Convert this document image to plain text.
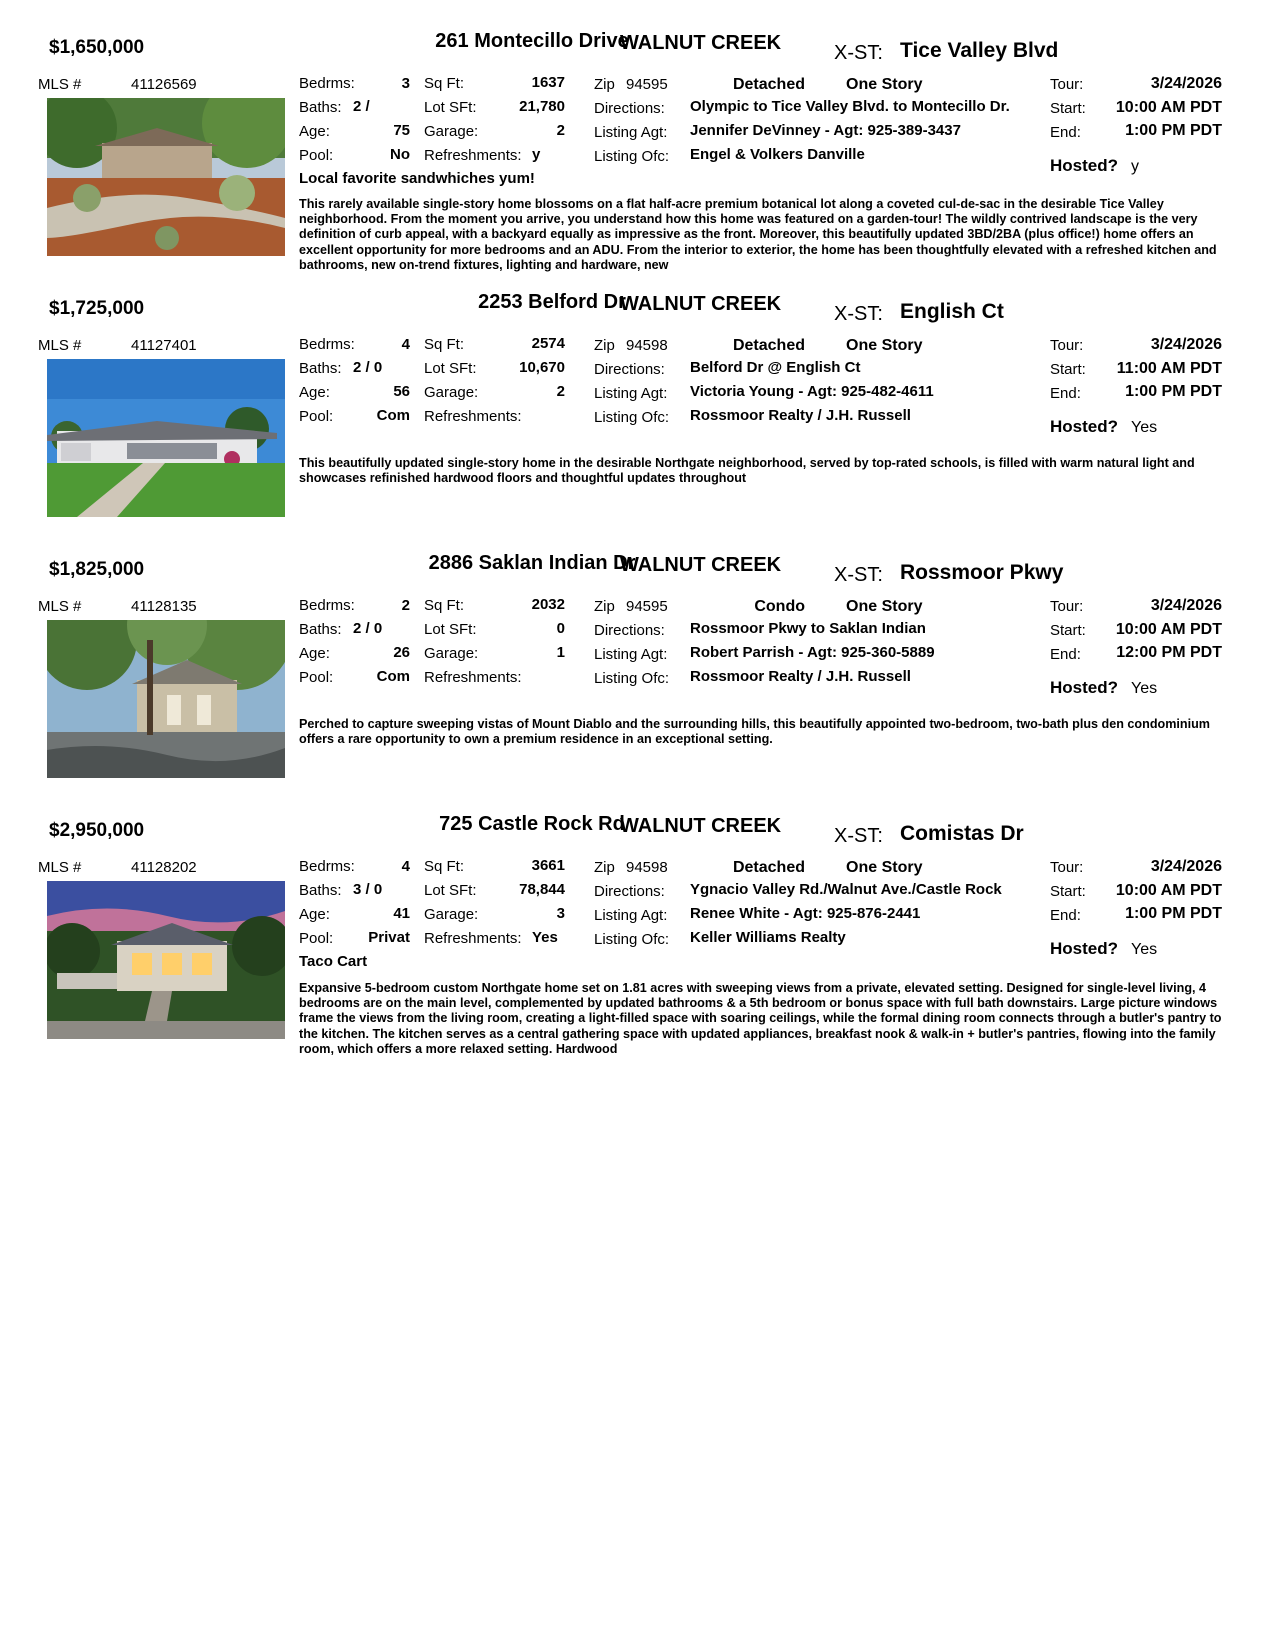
$1,650,000	261 Montecillo Drive
WALNUT CREEK	X-ST: Tice Valley Blvd
MLS #	41126569	Bedrms:	3
Baths: 2 /
Age:	75
Pool:	No
Sq Ft:	1637
Lot SFt:	21,780
Garage:	2
Refreshments: y
Zip 94595	Detached	One Story
Directions: Olympic to Tice Valley Blvd. to Montecillo Dr.
Listing Agt: Jennifer DeVinney - Agt: 925-389-3437
Listing Ofc: Engel & Volkers Danville
Tour:	3/24/2026
Start:	10:00 AM PDT
End:	1:00 PM PDT
Hosted? y
Local favorite sandwhiches yum!
This rarely available single-story home blossoms on a flat half-acre premium botanical lot along a coveted cul-de-sac in the desirable Tice Valley neighborhood. From the moment you arrive, you understand how this home was featured on a garden-tour! The wildly contrived landscape is the very definition of curb appeal, with a backyard equally as impressive as the front. Moreover, this beautifully updated 3BD/2BA (plus office!) home offers an excellent opportunity for more bedrooms and an ADU. From the interior to exterior, the home has been thoughtfully elevated with a refreshed kitchen and bathrooms, new on-trend fixtures, lighting and hardware, new
$1,725,000	2253 Belford Dr
WALNUT CREEK	X-ST: English Ct
MLS #	41127401	Bedrms:	4
Baths: 2 / 0
Age:	56
Pool:	Com
Sq Ft:	2574
Lot SFt:	10,670
Garage:	2
Refreshments:
Zip 94598	Detached	One Story
Directions: Belford Dr @ English Ct
Listing Agt: Victoria Young - Agt: 925-482-4611
Listing Ofc: Rossmoor Realty / J.H. Russell
Tour:	3/24/2026
Start:	11:00 AM PDT
End:	1:00 PM PDT
Hosted? Yes
This beautifully updated single-story home in the desirable Northgate neighborhood, served by top-rated schools, is filled with warm natural light and showcases refinished hardwood floors and thoughtful updates throughout
$1,825,000	2886 Saklan Indian Dr
WALNUT CREEK	X-ST: Rossmoor Pkwy
MLS #	41128135	Bedrms:	2
Baths: 2 / 0
Age:	26
Pool:	Com
Sq Ft:	2032
Lot SFt:	0
Garage:	1
Refreshments:
Zip 94595	Condo	One Story
Directions: Rossmoor Pkwy to Saklan Indian
Listing Agt: Robert Parrish - Agt: 925-360-5889
Listing Ofc: Rossmoor Realty / J.H. Russell
Tour:	3/24/2026
Start:	10:00 AM PDT
End:	12:00 PM PDT
Hosted? Yes
Perched to capture sweeping vistas of Mount Diablo and the surrounding hills, this beautifully appointed two-bedroom, two-bath plus den condominium offers a rare opportunity to own a premium residence in an exceptional setting.
$2,950,000	725 Castle Rock Rd
WALNUT CREEK	X-ST: Comistas Dr
MLS #	41128202	Bedrms:	4
Baths: 3 / 0
Age:	41
Pool:	Privat
Sq Ft:	3661
Lot SFt:	78,844
Garage:	3
Refreshments: Yes
Zip 94598	Detached	One Story
Directions: Ygnacio Valley Rd./Walnut Ave./Castle Rock
Listing Agt: Renee White - Agt: 925-876-2441
Listing Ofc: Keller Williams Realty
Tour:	3/24/2026
Start:	10:00 AM PDT
End:	1:00 PM PDT
Hosted? Yes
Taco Cart
Expansive 5-bedroom custom Northgate home set on 1.81 acres with sweeping views from a private, elevated setting. Designed for single-level living, 4 bedrooms are on the main level, complemented by updated bathrooms & a 5th bedroom or bonus space with full bath downstairs. Large picture windows frame the views from the living room, creating a light-filled space with soaring ceilings, while the formal dining room connects through a butler's pantry to the kitchen. The kitchen serves as a central gathering space with updated appliances, breakfast nook & walk-in + butler's pantries, flowing into the family room, which offers a more relaxed setting. Hardwood
